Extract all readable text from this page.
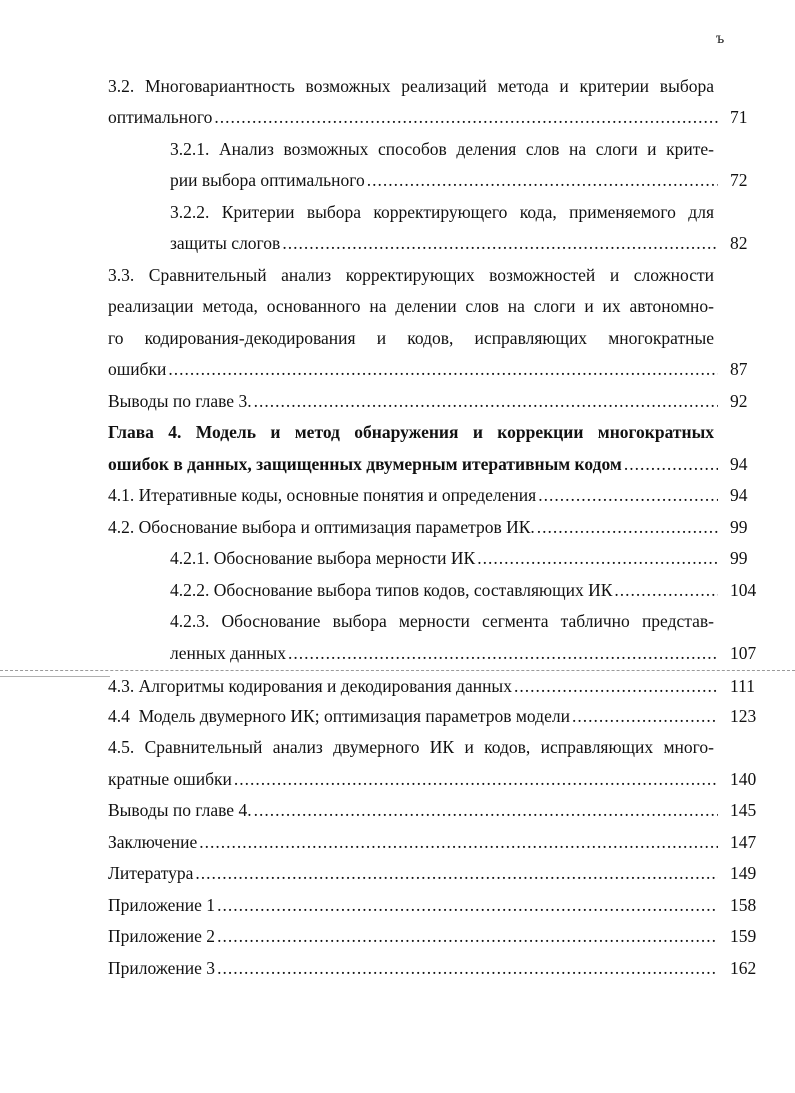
ъ
3.2. Многовариантность возможных реализаций метода и критерии выбора
оптимального .....	71
3.2.1. Анализ возможных способов деления слов на слоги и крите-
рии выбора оптимального .....	72
3.2.2. Критерии выбора корректирующего кода, применяемого для
защиты слогов .....	82
3.3. Сравнительный анализ корректирующих возможностей и сложности
реализации метода, основанного на делении слов на слоги и их автономно-
го кодирования-декодирования и кодов, исправляющих многократные
ошибки .....	87
Выводы по главе 3. .....	92
Глава 4. Модель и метод обнаружения и коррекции многократных
ошибок в данных, защищенных двумерным итеративным кодом .....	94
4.1. Итеративные коды, основные понятия и определения .....	94
4.2. Обоснование выбора и оптимизация параметров ИК. .....	99
4.2.1. Обоснование выбора мерности ИК .....	99
4.2.2. Обоснование выбора типов кодов, составляющих ИК .....	104
4.2.3. Обоснование выбора мерности сегмента таблично представ-
ленных данных .....	107
4.3. Алгоритмы кодирования и декодирования данных .....	111
4.4  Модель двумерного ИК; оптимизация параметров модели .....	123
4.5. Сравнительный анализ двумерного ИК и кодов, исправляющих много-
кратные ошибки .....	140
Выводы по главе 4. .....	145
Заключение .....	147
Литература .....	149
Приложение 1 .....	158
Приложение 2 .....	159
Приложение 3 .....	162
